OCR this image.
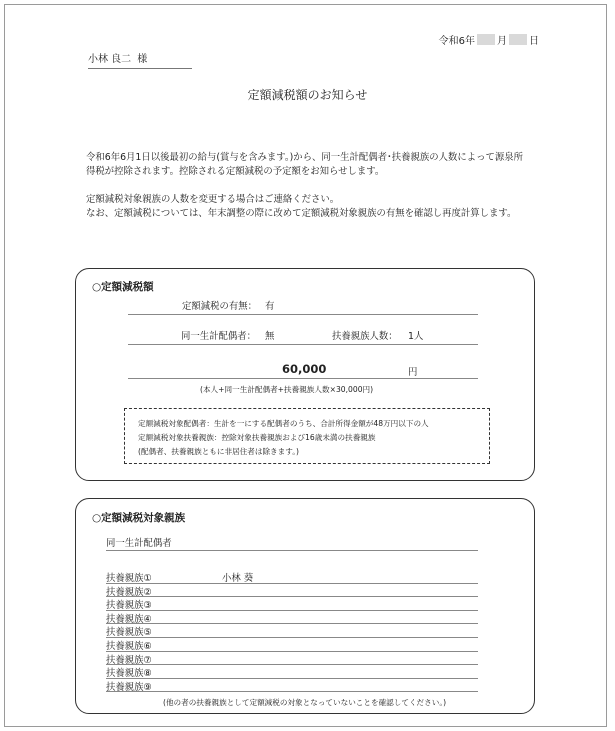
令和6年 月 日
小林 良二 様
定額減税額のお知らせ
令和6年6月1日以後最初の給与(賞与を含みます。)から、同一生計配偶者･扶養親族の人数によって源泉所
得税が控除されます。控除される定額減税の予定額をお知らせします。
定額減税対象親族の人数を変更する場合はご連絡ください。
なお、定額減税については、年末調整の際に改めて定額減税対象親族の有無を確認し再度計算します。
○定額減税額
定額減税の有無： 有
同一生計配偶者： 無	扶養親族人数： 1人
60,000	円
(本人+同一生計配偶者+扶養親族人数×30,000円)
定額減税対象配偶者：生計を一にする配偶者のうち、合計所得金額が48万円以下の人
定額減税対象扶養親族：控除対象扶養親族および16歳未満の扶養親族
(配偶者、扶養親族ともに非居住者は除きます。)
○定額減税対象親族
同一生計配偶者
扶養親族①	小林 葵
扶養親族②
扶養親族③
扶養親族④
扶養親族⑤
扶養親族⑥
扶養親族⑦
扶養親族⑧
扶養親族⑨
(他の者の扶養親族として定額減税の対象となっていないことを確認してください。)
